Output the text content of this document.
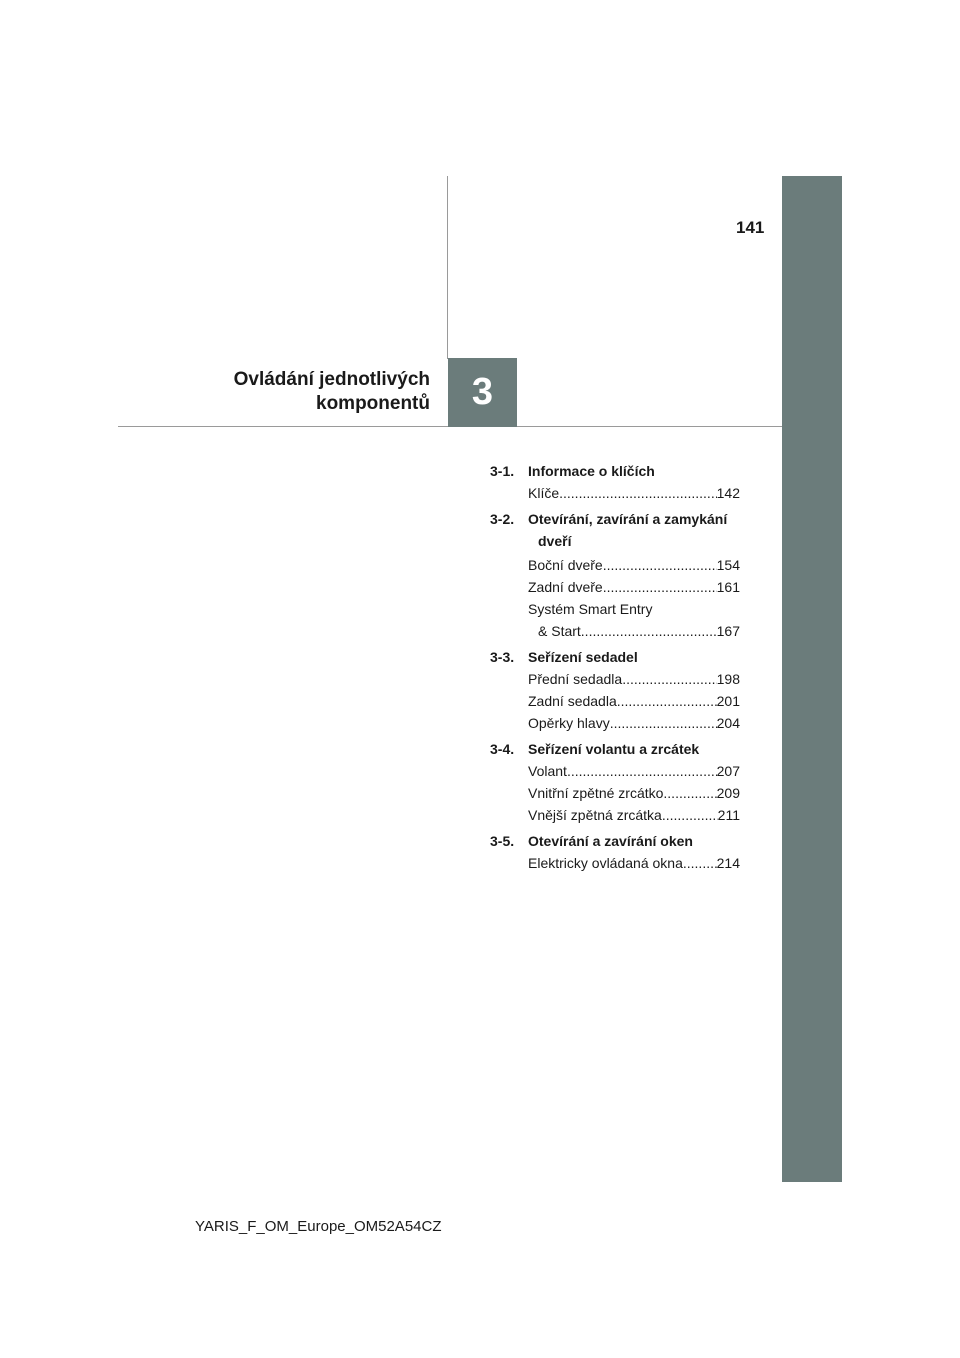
141
Ovládání jednotlivých
komponentů 3
3-1. Informace o klíčích
Klíče .....	142
3-2. Otevírání, zavírání a zamykání
dveří
Boční dveře .....	154
Zadní dveře .....	161
Systém Smart Entry
& Start .....	167
3-3. Seřízení sedadel
Přední sedadla .....	198
Zadní sedadla .....	201
Opěrky hlavy .....	204
3-4. Seřízení volantu a zrcátek
Volant .....	207
Vnitřní zpětné zrcátko .....	209
Vnější zpětná zrcátka .....	211
3-5. Otevírání a zavírání oken
Elektricky ovládaná okna ..... 214
YARIS_F_OM_Europe_OM52A54CZ
